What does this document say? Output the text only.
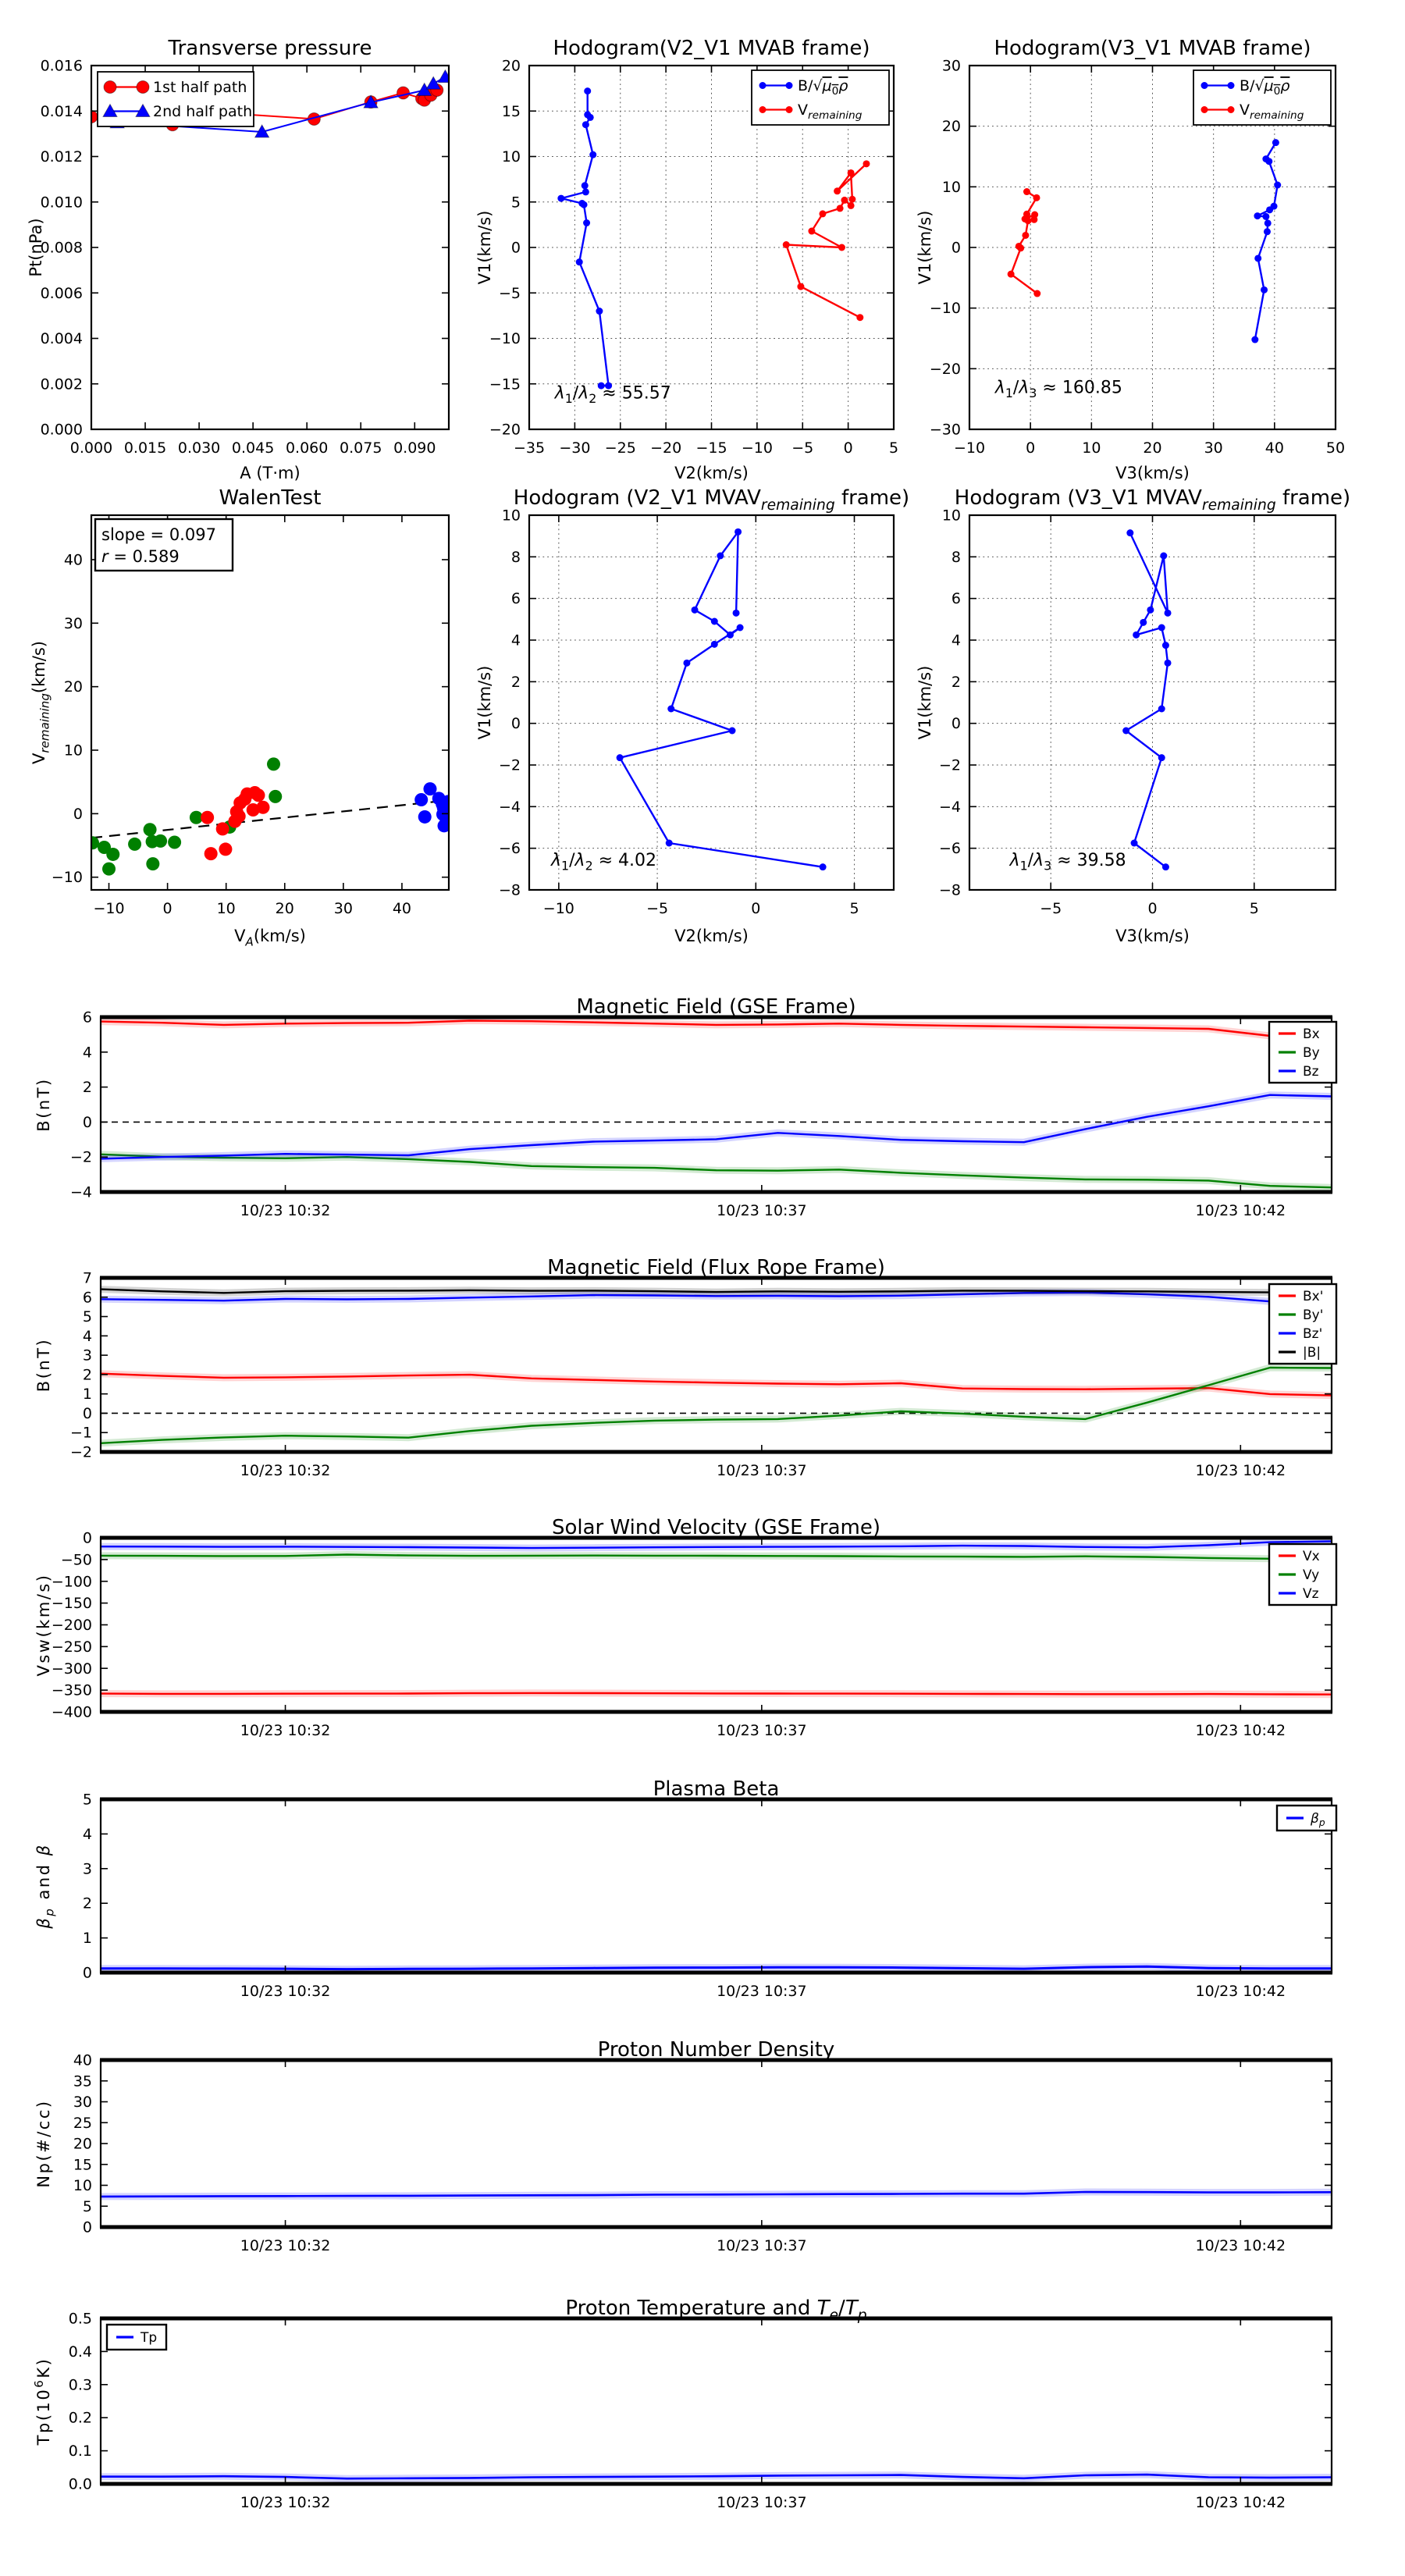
0.000 0.015 0.030 0.045 0.060 0.075 0.090
0.000
0.002
0.004
0.006
0.008
0.010
0.012
0.014
0.016
Transverse pressure
A (T·m)
Pt(nPa)
1st half path
2nd half path
−35 −30 −25 −20 −15 −10 −5 0 5
−20
−15
−10
−5
0
5
10
15
20
Hodogram(V2_V1 MVAB frame)
V2(km/s)
V1(km/s)
$\lambda_1/\lambda_2 \approx 55.57$
$B/√\mu_0\rho$
$V_{remaining}$
−10	0	10	20	30	40	50
−30
−20
−10
0
10
20
30
Hodogram(V3_V1 MVAB frame)
V3(km/s)
V1(km/s)
$\lambda_1/\lambda_3 \approx 160.85$
$B/√\mu_0\rho$
$V_{remaining}$
−10	0	10	20	30	40
−10
0
10
20
30
40
WalenTest
$V_A(km/s)$
$V_{remaining}(km/s)$
slope = 0.097
r = 0.589
−10	−5	0	5
−8
−6
−4
−2
0
2
4
6
8
10
Hodogram (V2_V1 $MVAV_{remaining}$ frame)
V2(km/s)
V1(km/s)
$\lambda_1/\lambda_2 \approx 4.02$
−5	0	5
−8
−6
−4
−2
0
2
4
6
8
10
Hodogram (V3_V1 $MVAV_{remaining}$ frame)
V3(km/s)
V1(km/s)
$\lambda_1/\lambda_3 \approx 39.58$
10/23 10:32	10/23 10:37	10/23 10:42
−4
−2
0
2
4
6	Magnetic Field (GSE Frame)
B(nT)
Bx
By
Bz
10/23 10:32	10/23 10:37	10/23 10:42
−2
−1
0
1
2
3
4
5
6
7	Magnetic Field (Flux Rope Frame)
B(nT)
Bx'
By'
Bz'
|B|
10/23 10:32	10/23 10:37	10/23 10:42
−400
−350
−300
−250
−200
−150
−100
−50
0	Solar Wind Velocity (GSE Frame)
Vsw(km/s)
Vx
Vy
Vz
10/23 10:32	10/23 10:37	10/23 10:42
0
1
2
3
4
5	Plasma Beta
$\beta_p$ and β
$\beta_p$
10/23 10:32	10/23 10:37	10/23 10:42
0
5
10
15
20
25
30
35
40	Proton Number Density
Np(#/cc)
10/23 10:32	10/23 10:37	10/23 10:42
0.0
0.1
0.2
0.3
0.4
0.5	Proton Temperature and $T_e/T_p$
$Tp(10^6K)$
Tp
